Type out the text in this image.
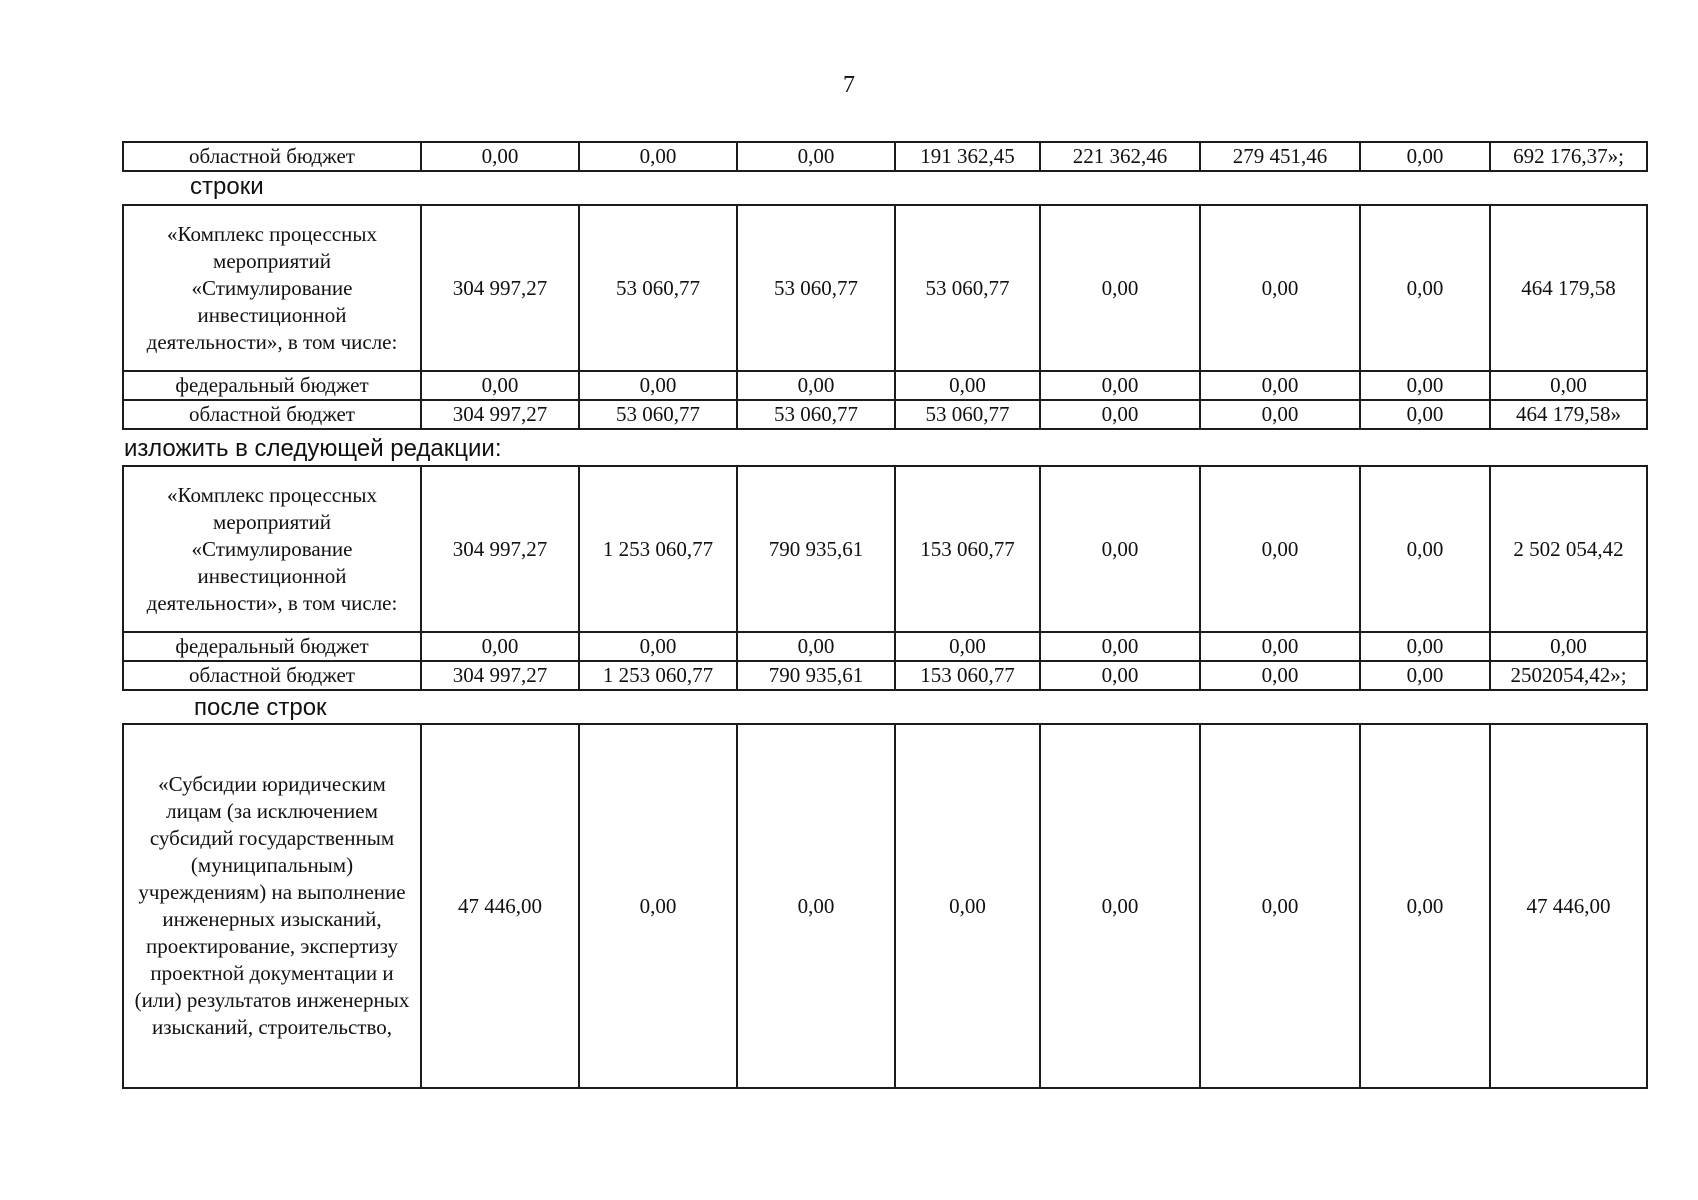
7
областной бюджет	0,00	0,00	0,00	191 362,45	221 362,46	279 451,46	0,00	692 176,37»;
строки
«Комплекс процессных мероприятий «Стимулирование инвестиционной деятельности», в том числе:	304 997,27	53 060,77	53 060,77	53 060,77	0,00	0,00	0,00	464 179,58
федеральный бюджет	0,00	0,00	0,00	0,00	0,00	0,00	0,00	0,00
областной бюджет	304 997,27	53 060,77	53 060,77	53 060,77	0,00	0,00	0,00	464 179,58»
изложить в следующей редакции:
«Комплекс процессных мероприятий «Стимулирование инвестиционной деятельности», в том числе:	304 997,27	1 253 060,77	790 935,61	153 060,77	0,00	0,00	0,00	2 502 054,42
федеральный бюджет	0,00	0,00	0,00	0,00	0,00	0,00	0,00	0,00
областной бюджет	304 997,27	1 253 060,77	790 935,61	153 060,77	0,00	0,00	0,00	2502054,42»;
после строк
«Субсидии юридическим лицам (за исключением субсидий государственным (муниципальным) учреждениям) на выполнение инженерных изысканий, проектирование, экспертизу проектной документации и (или) результатов инженерных изысканий, строительство,	47 446,00	0,00	0,00	0,00	0,00	0,00	0,00	47 446,00
